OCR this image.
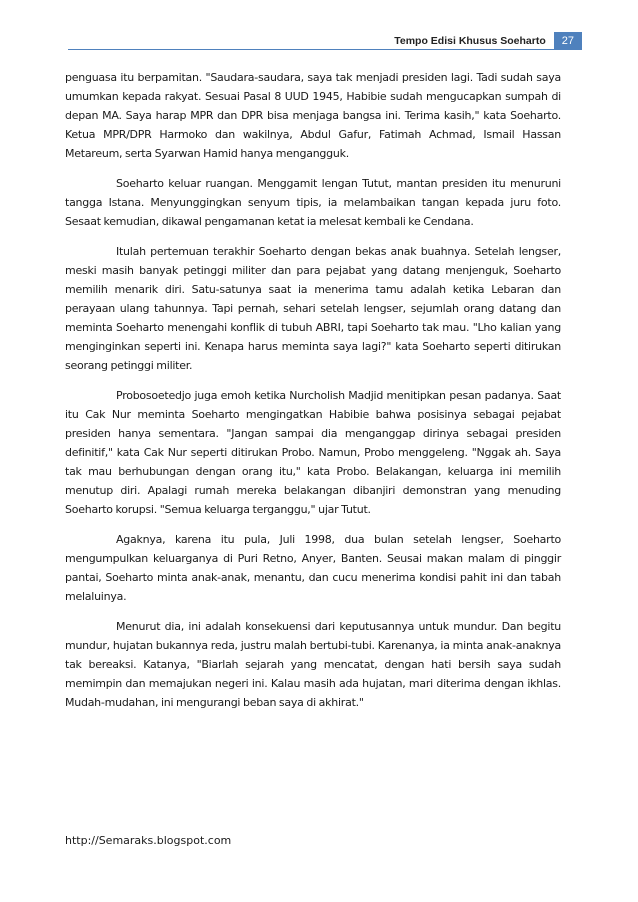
Tempo Edisi Khusus Soeharto	27

penguasa itu berpamitan. "Saudara-saudara, saya tak menjadi presiden lagi. Tadi sudah saya umumkan kepada rakyat. Sesuai Pasal 8 UUD 1945, Habibie sudah mengucapkan sumpah di depan MA. Saya harap MPR dan DPR bisa menjaga bangsa ini. Terima kasih," kata Soeharto. Ketua MPR/DPR Harmoko dan wakilnya, Abdul Gafur, Fatimah Achmad, Ismail Hassan Metareum, serta Syarwan Hamid hanya mengangguk.

Soeharto keluar ruangan. Menggamit lengan Tutut, mantan presiden itu menuruni tangga Istana. Menyunggingkan senyum tipis, ia melambaikan tangan kepada juru foto. Sesaat kemudian, dikawal pengamanan ketat ia melesat kembali ke Cendana.

Itulah pertemuan terakhir Soeharto dengan bekas anak buahnya. Setelah lengser, meski masih banyak petinggi militer dan para pejabat yang datang menjenguk, Soeharto memilih menarik diri. Satu-satunya saat ia menerima tamu adalah ketika Lebaran dan perayaan ulang tahunnya. Tapi pernah, sehari setelah lengser, sejumlah orang datang dan meminta Soeharto menengahi konflik di tubuh ABRI, tapi Soeharto tak mau. "Lho kalian yang menginginkan seperti ini. Kenapa harus meminta saya lagi?" kata Soeharto seperti ditirukan seorang petinggi militer.

Probosoetedjo juga emoh ketika Nurcholish Madjid menitipkan pesan padanya. Saat itu Cak Nur meminta Soeharto mengingatkan Habibie bahwa posisinya sebagai pejabat presiden hanya sementara. "Jangan sampai dia menganggap dirinya sebagai presiden definitif," kata Cak Nur seperti ditirukan Probo. Namun, Probo menggeleng. "Nggak ah. Saya tak mau berhubungan dengan orang itu," kata Probo. Belakangan, keluarga ini memilih menutup diri. Apalagi rumah mereka belakangan dibanjiri demonstran yang menuding Soeharto korupsi. "Semua keluarga terganggu," ujar Tutut.

Agaknya, karena itu pula, Juli 1998, dua bulan setelah lengser, Soeharto mengumpulkan keluarganya di Puri Retno, Anyer, Banten. Seusai makan malam di pinggir pantai, Soeharto minta anak-anak, menantu, dan cucu menerima kondisi pahit ini dan tabah melaluinya.

Menurut dia, ini adalah konsekuensi dari keputusannya untuk mundur. Dan begitu mundur, hujatan bukannya reda, justru malah bertubi-tubi. Karenanya, ia minta anak-anaknya tak bereaksi. Katanya, "Biarlah sejarah yang mencatat, dengan hati bersih saya sudah memimpin dan memajukan negeri ini. Kalau masih ada hujatan, mari diterima dengan ikhlas. Mudah-mudahan, ini mengurangi beban saya di akhirat."

http://Semaraks.blogspot.com
